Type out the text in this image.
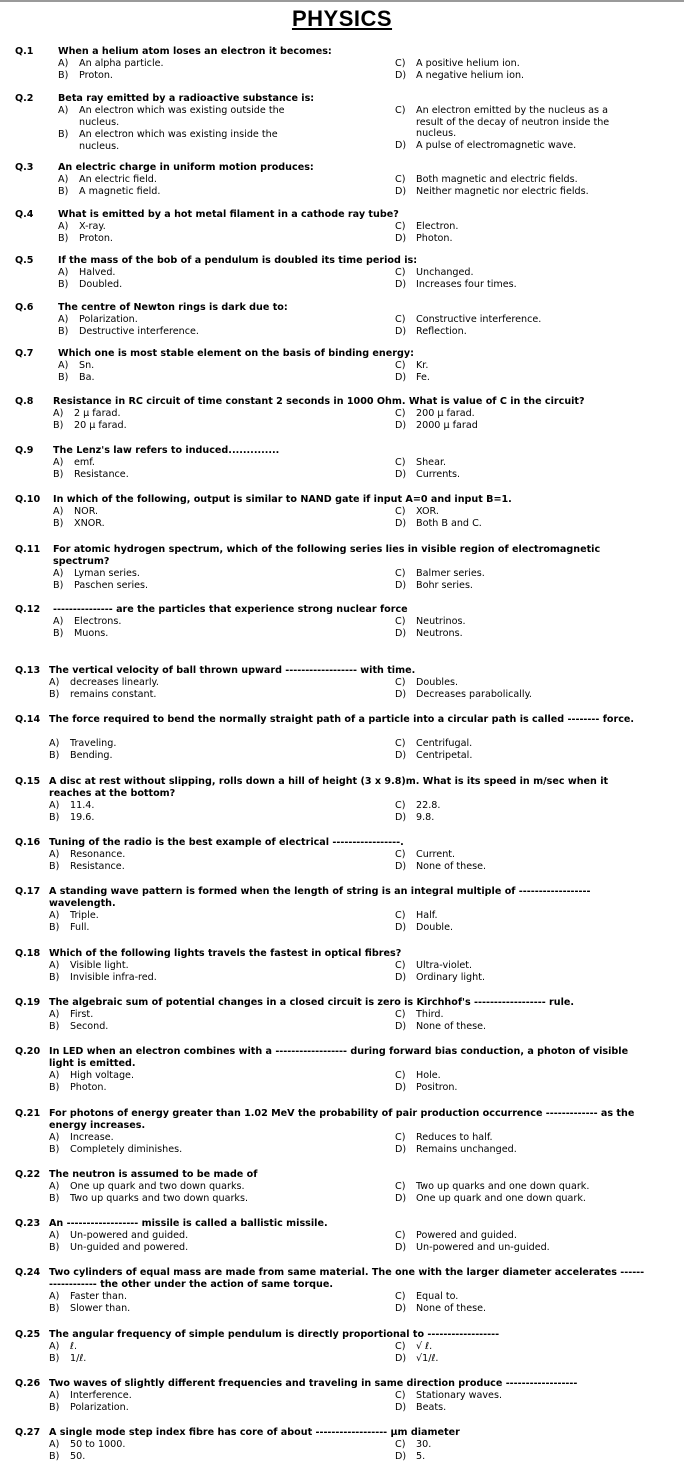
PHYSICS
Q.1	When a helium atom loses an electron it becomes:
A) An alpha particle.
B) Proton.
C) A positive helium ion.
D) A negative helium ion.
Q.2	Beta ray emitted by a radioactive substance is:
A) An electron which was existing outside the nucleus.
B) An electron which was existing inside the nucleus.
C) An electron emitted by the nucleus as a result of the decay of neutron inside the nucleus.
D) A pulse of electromagnetic wave.
Q.3	An electric charge in uniform motion produces:
A) An electric field.
B) A magnetic field.
C) Both magnetic and electric fields.
D) Neither magnetic nor electric fields.
Q.4	What is emitted by a hot metal filament in a cathode ray tube?
A) X-ray.
B) Proton.
C) Electron.
D) Photon.
Q.5	If the mass of the bob of a pendulum is doubled its time period is:
A) Halved.
B) Doubled.
C) Unchanged.
D) Increases four times.
Q.6	The centre of Newton rings is dark due to:
A) Polarization.
B) Destructive interference.
C) Constructive interference.
D) Reflection.
Q.7	Which one is most stable element on the basis of binding energy:
A) Sn.
B) Ba.
C) Kr.
D) Fe.
Q.8 Resistance in RC circuit of time constant 2 seconds in 1000 Ohm. What is value of C in the circuit?
A) 2 μ farad.
B) 20 μ farad.
C) 200 μ farad.
D) 2000 μ farad
Q.9 The Lenz's law refers to induced..............
A) emf.
B) Resistance.
C) Shear.
D) Currents.
Q.10 In which of the following, output is similar to NAND gate if input A=0 and input B=1.
A) NOR.
B) XNOR.
C) XOR.
D) Both B and C.
Q.11 For atomic hydrogen spectrum, which of the following series lies in visible region of electromagnetic spectrum?
A) Lyman series.
B) Paschen series.
C) Balmer series.
D) Bohr series.
Q.12 --------------- are the particles that experience strong nuclear force
A) Electrons.
B) Muons.
C) Neutrinos.
D) Neutrons.
Q.13 The vertical velocity of ball thrown upward ------------------ with time.
A) decreases linearly.
B) remains constant.
C) Doubles.
D) Decreases parabolically.
Q.14 The force required to bend the normally straight path of a particle into a circular path is called -------- force.
A) Traveling.
B) Bending.
C) Centrifugal.
D) Centripetal.
Q.15 A disc at rest without slipping, rolls down a hill of height (3 x 9.8)m. What is its speed in m/sec when it reaches at the bottom?
A) 11.4.
B) 19.6.
C) 22.8.
D) 9.8.
Q.16 Tuning of the radio is the best example of electrical -----------------.
A) Resonance.
B) Resistance.
C) Current.
D) None of these.
Q.17 A standing wave pattern is formed when the length of string is an integral multiple of ------------------ wavelength.
A) Triple.
B) Full.
C) Half.
D) Double.
Q.18 Which of the following lights travels the fastest in optical fibres?
A) Visible light.
B) Invisible infra-red.
C) Ultra-violet.
D) Ordinary light.
Q.19 The algebraic sum of potential changes in a closed circuit is zero is Kirchhof's ------------------ rule.
A) First.
B) Second.
C) Third.
D) None of these.
Q.20 In LED when an electron combines with a ------------------ during forward bias conduction, a photon of visible light is emitted.
A) High voltage.
B) Photon.
C) Hole.
D) Positron.
Q.21 For photons of energy greater than 1.02 MeV the probability of pair production occurrence ------------- as the energy increases.
A) Increase.
B) Completely diminishes.
C) Reduces to half.
D) Remains unchanged.
Q.22 The neutron is assumed to be made of
A) One up quark and two down quarks.
B) Two up quarks and two down quarks.
C) Two up quarks and one down quark.
D) One up quark and one down quark.
Q.23 An ------------------ missile is called a ballistic missile.
A) Un-powered and guided.
B) Un-guided and powered.
C) Powered and guided.
D) Un-powered and un-guided.
Q.24 Two cylinders of equal mass are made from same material. The one with the larger diameter accelerates ------------------ the other under the action of same torque.
A) Faster than.
B) Slower than.
C) Equal to.
D) None of these.
Q.25 The angular frequency of simple pendulum is directly proportional to ------------------
A) ℓ.
B) 1/ℓ.
C) √ ℓ.
D) √1/ℓ.
Q.26 Two waves of slightly different frequencies and traveling in same direction produce ------------------
A) Interference.
B) Polarization.
C) Stationary waves.
D) Beats.
Q.27 A single mode step index fibre has core of about ------------------ μm diameter
A) 50 to 1000.
B) 50.
C) 30.
D) 5.
